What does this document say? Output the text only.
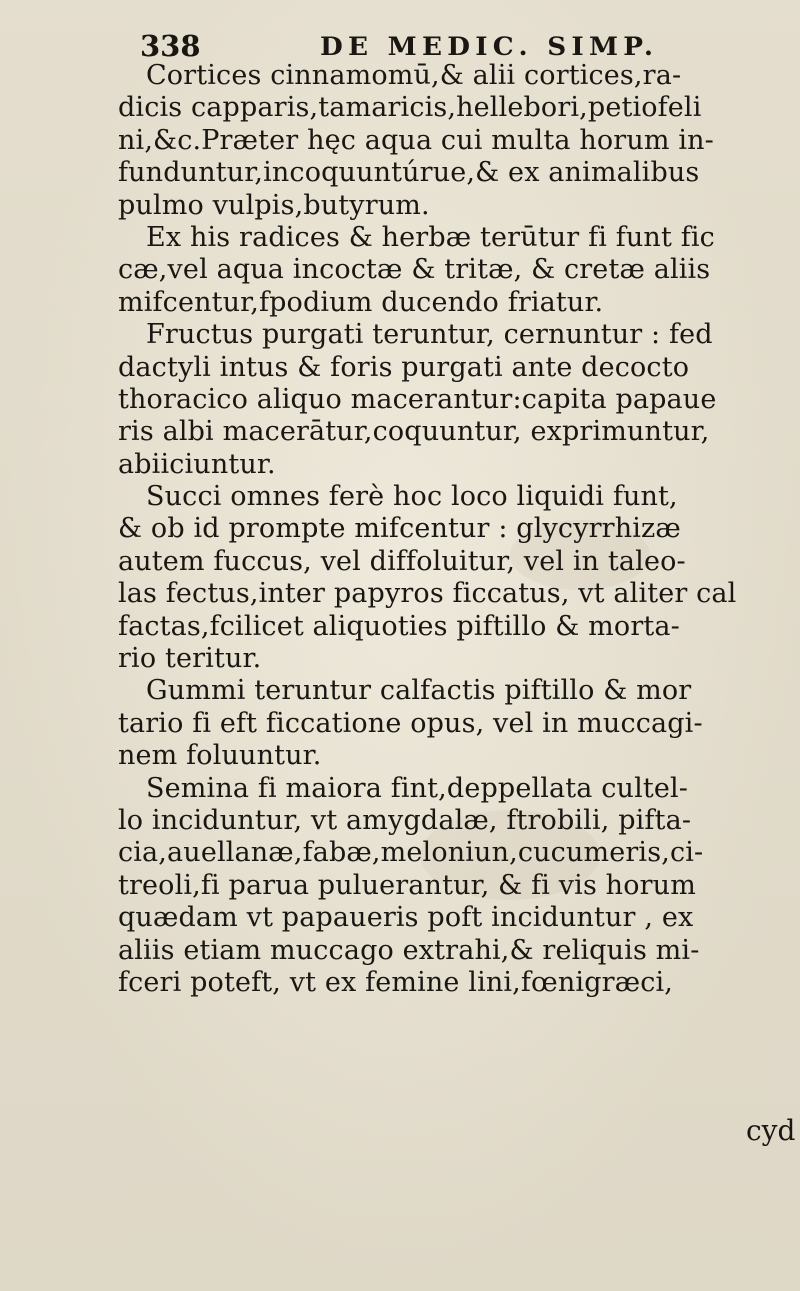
338	DE MEDIC. SIMP.
Cortices cinnamomū,& alii cortices,ra-
dicis capparis,tamaricis,hellebori,petiofeli
ni,&c.Præter hęc aqua cui multa horum in-
funduntur,incoquuntúrue,& ex animalibus
pulmo vulpis,butyrum.
Ex his radices & herbæ terūtur fi funt fic
cæ,vel aqua incoctæ & tritæ, & cretæ aliis
mifcentur,fpodium ducendo friatur.
Fructus purgati teruntur, cernuntur : fed
dactyli intus & foris purgati ante decocto
thoracico aliquo macerantur:capita papaue
ris albi macerātur,coquuntur, exprimuntur,
abiiciuntur.
Succi omnes ferè hoc loco liquidi funt,
& ob id prompte mifcentur : glycyrrhizæ
autem fuccus, vel diffoluitur, vel in taleo-
las fectus,inter papyros ficcatus, vt aliter cal
factas,fcilicet aliquoties piftillo & morta-
rio teritur.
Gummi teruntur calfactis piftillo & mor
tario fi eft ficcatione opus, vel in muccagi-
nem foluuntur.
Semina fi maiora fint,deppellata cultel-
lo inciduntur, vt amygdalæ, ftrobili, pifta-
cia,auellanæ,fabæ,meloniun,cucumeris,ci-
treoli,fi parua puluerantur, & fi vis horum
quædam vt papaueris poft inciduntur , ex
aliis etiam muccago extrahi,& reliquis mi-
fceri poteft, vt ex femine lini,fœnigræci,
cyd
